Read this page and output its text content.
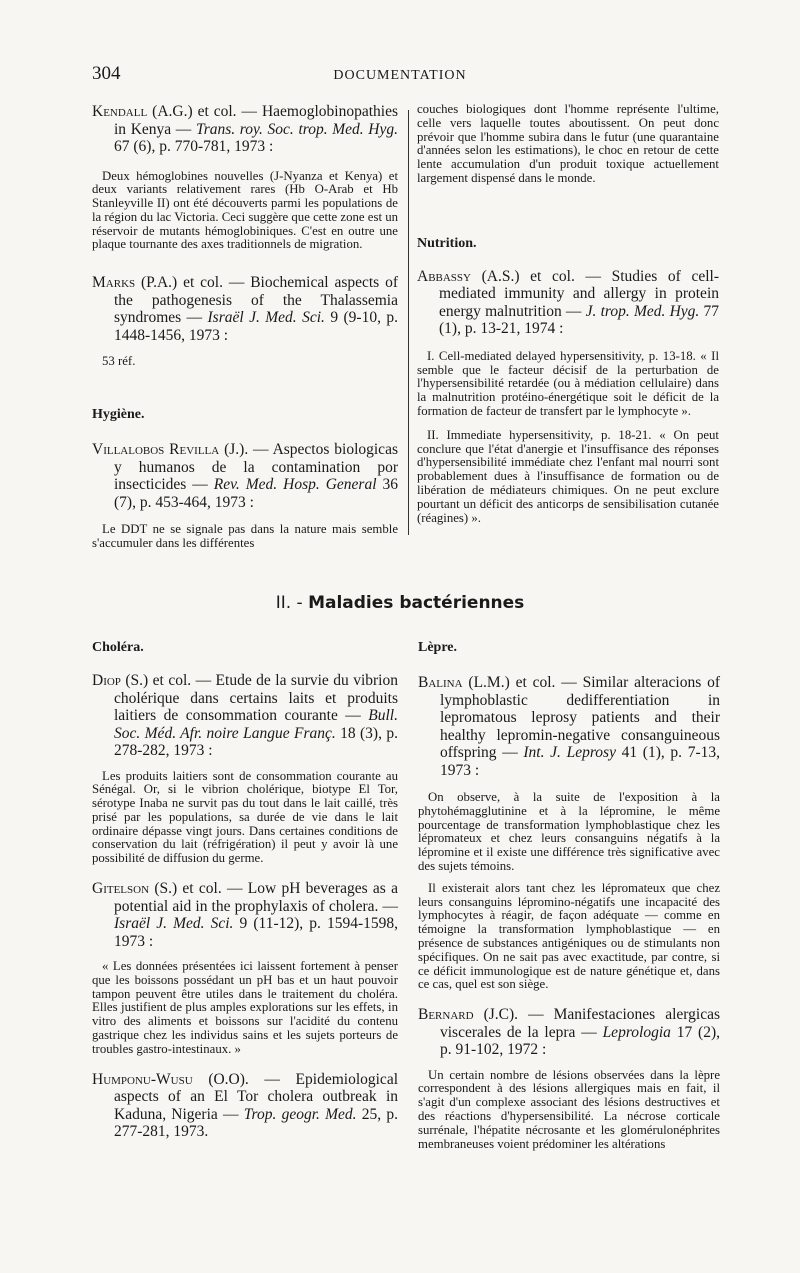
304	DOCUMENTATION

Kendall (A.G.) et col. — Haemoglobinopathies in Kenya — Trans. roy. Soc. trop. Med. Hyg. 67 (6), p. 770-781, 1973 :

Deux hémoglobines nouvelles (J-Nyanza et Kenya) et deux variants relativement rares (Hb O-Arab et Hb Stanleyville II) ont été découverts parmi les populations de la région du lac Victoria. Ceci suggère que cette zone est un réservoir de mutants hémoglobiniques. C'est en outre une plaque tournante des axes traditionnels de migration.

Marks (P.A.) et col. — Biochemical aspects of the pathogenesis of the Thalassemia syndromes — Israël J. Med. Sci. 9 (9-10, p. 1448-1456, 1973 :

53 réf.

Hygiène.

Villalobos Revilla (J.). — Aspectos biologicas y humanos de la contamination por insecticides — Rev. Med. Hosp. General 36 (7), p. 453-464, 1973 :

Le DDT ne se signale pas dans la nature mais semble s'accumuler dans les différentes

couches biologiques dont l'homme représente l'ultime, celle vers laquelle toutes aboutissent. On peut donc prévoir que l'homme subira dans le futur (une quarantaine d'années selon les estimations), le choc en retour de cette lente accumulation d'un produit toxique actuellement largement dispensé dans le monde.

Nutrition.

Abbassy (A.S.) et col. — Studies of cell-mediated immunity and allergy in protein energy malnutrition — J. trop. Med. Hyg. 77 (1), p. 13-21, 1974 :

I. Cell-mediated delayed hypersensitivity, p. 13-18. « Il semble que le facteur décisif de la perturbation de l'hypersensibilité retardée (ou à médiation cellulaire) dans la malnutrition protéino-énergétique soit le déficit de la formation de facteur de transfert par le lymphocyte ».

II. Immediate hypersensitivity, p. 18-21. « On peut conclure que l'état d'anergie et l'insuffisance des réponses d'hypersensibilité immédiate chez l'enfant mal nourri sont probablement dues à l'insuffisance de formation ou de libération de médiateurs chimiques. On ne peut exclure pourtant un déficit des anticorps de sensibilisation cutanée (réagines) ».

II. - Maladies bactériennes

Choléra.

Diop (S.) et col. — Etude de la survie du vibrion cholérique dans certains laits et produits laitiers de consommation courante — Bull. Soc. Méd. Afr. noire Langue Franç. 18 (3), p. 278-282, 1973 :

Les produits laitiers sont de consommation courante au Sénégal. Or, si le vibrion cholérique, biotype El Tor, sérotype Inaba ne survit pas du tout dans le lait caillé, très prisé par les populations, sa durée de vie dans le lait ordinaire dépasse vingt jours. Dans certaines conditions de conservation du lait (réfrigération) il peut y avoir là une possibilité de diffusion du germe.

Gitelson (S.) et col. — Low pH beverages as a potential aid in the prophylaxis of cholera. — Israël J. Med. Sci. 9 (11-12), p. 1594-1598, 1973 :

« Les données présentées ici laissent fortement à penser que les boissons possédant un pH bas et un haut pouvoir tampon peuvent être utiles dans le traitement du choléra. Elles justifient de plus amples explorations sur les effets, in vitro des aliments et boissons sur l'acidité du contenu gastrique chez les individus sains et les sujets porteurs de troubles gastro-intestinaux. »

Humponu-Wusu (O.O). — Epidemiological aspects of an El Tor cholera outbreak in Kaduna, Nigeria — Trop. geogr. Med. 25, p. 277-281, 1973.

Lèpre.

Balina (L.M.) et col. — Similar alteracions of lymphoblastic dedifferentiation in lepromatous leprosy patients and their healthy lepromin-negative consanguineous offspring — Int. J. Leprosy 41 (1), p. 7-13, 1973 :

On observe, à la suite de l'exposition à la phytohémagglutinine et à la lépromine, le même pourcentage de transformation lymphoblastique chez les lépromateux et chez leurs consanguins négatifs à la lépromine et il existe une différence très significative avec des sujets témoins.

Il existerait alors tant chez les lépromateux que chez leurs consanguins lépromino-négatifs une incapacité des lymphocytes à réagir, de façon adéquate — comme en témoigne la transformation lymphoblastique — en présence de substances antigéniques ou de stimulants non spécifiques. On ne sait pas avec exactitude, par contre, si ce déficit immunologique est de nature génétique et, dans ce cas, quel est son siège.

Bernard (J.C). — Manifestaciones alergicas viscerales de la lepra — Leprologia 17 (2), p. 91-102, 1972 :

Un certain nombre de lésions observées dans la lèpre correspondent à des lésions allergiques mais en fait, il s'agit d'un complexe associant des lésions destructives et des réactions d'hypersensibilité. La nécrose corticale surrénale, l'hépatite nécrosante et les glomérulonéphrites membraneuses voient prédominer les altérations
